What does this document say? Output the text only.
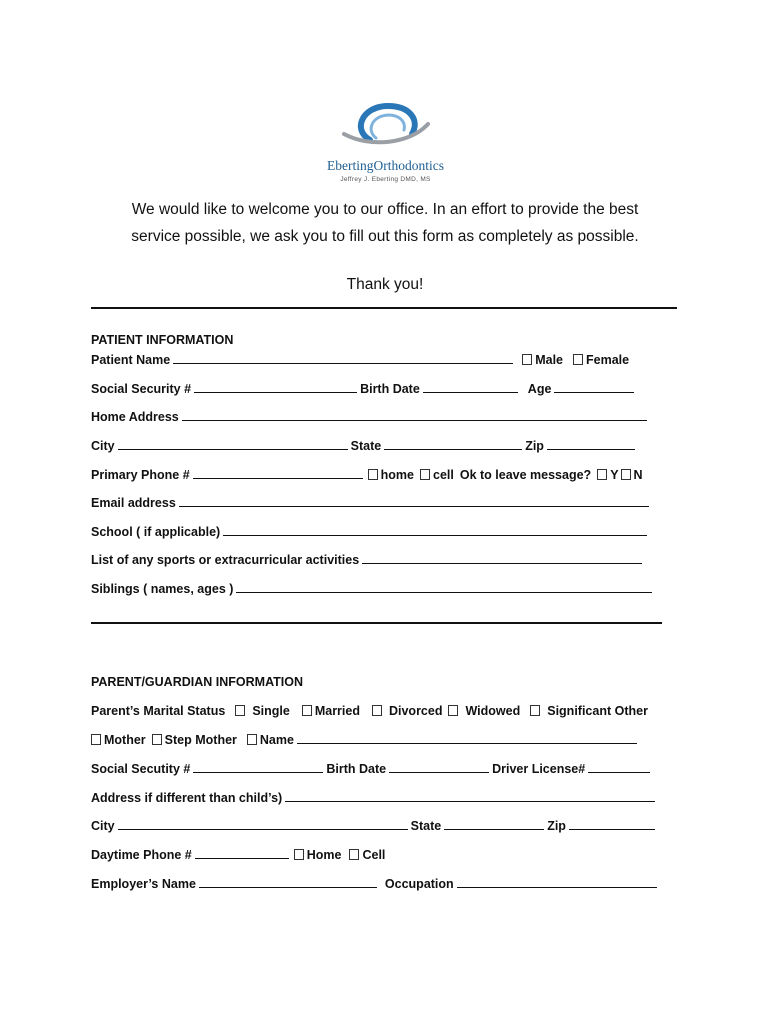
EbertingOrthodontics
Jeffrey J. Eberting DMD, MS
We would like to welcome you to our office. In an effort to provide the best
service possible, we ask you to fill out this form as completely as possible.
Thank you!
PATIENT INFORMATION
Patient Name	Male Female
Social Security #	Birth Date	Age
Home Address
City	State	Zip
Primary Phone #	home cell Ok to leave message? Y N
Email address
School ( if applicable)
List of any sports or extracurricular activities
Siblings ( names, ages )
PARENT/GUARDIAN INFORMATION
Parent’s Marital Status Single Married Divorced Widowed Significant Other
Mother Step Mother Name
Social Secutity #	Birth Date	Driver License#
Address if different than child’s)
City	State	Zip
Daytime Phone #	Home Cell
Employer’s Name	Occupation
